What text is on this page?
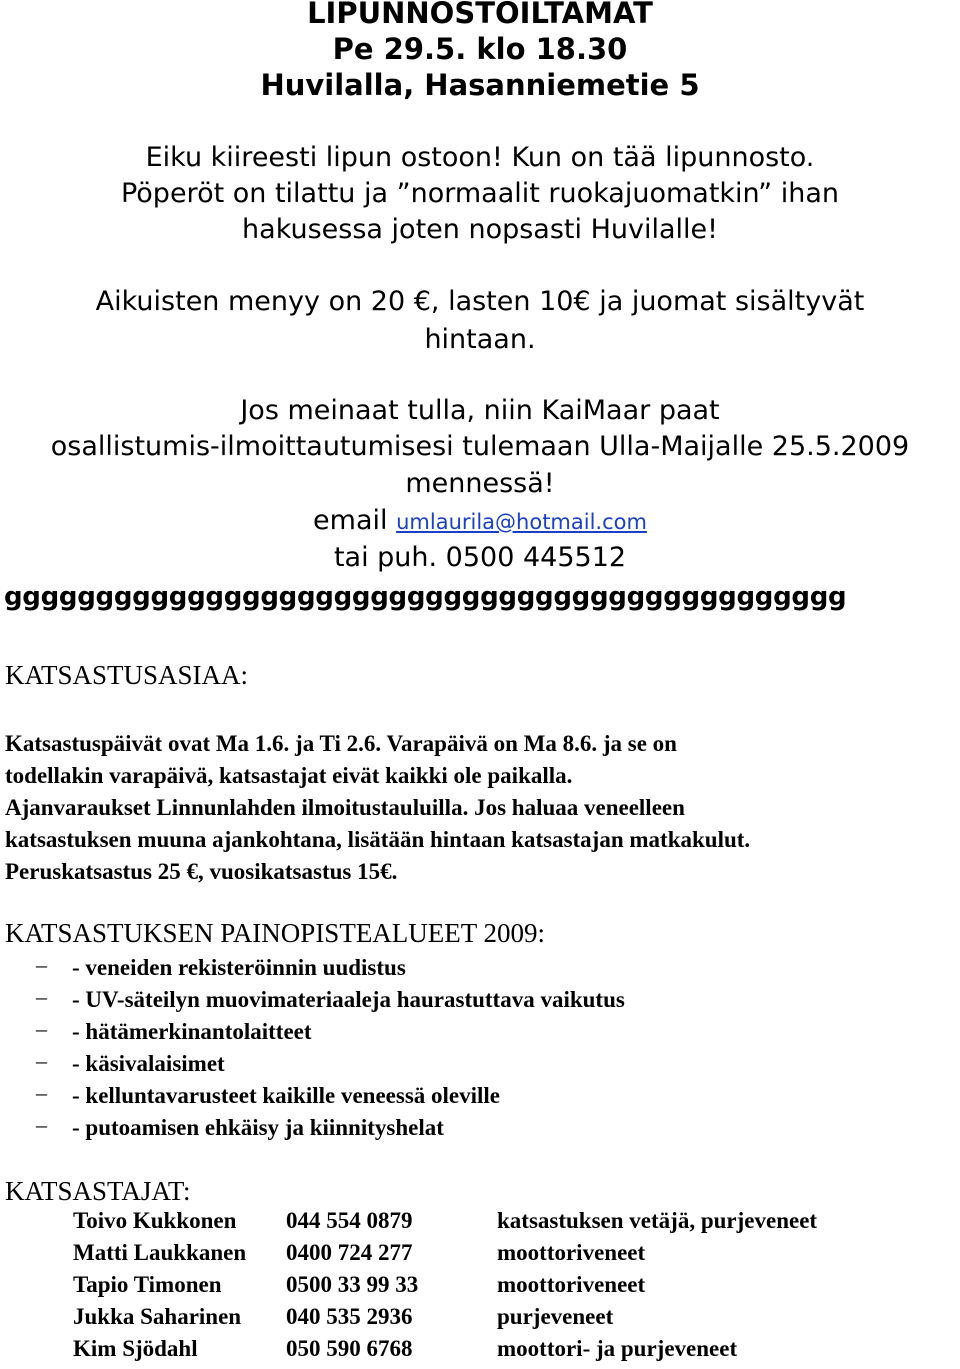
LIPUNNOSTOILTAMAT
Pe 29.5. klo 18.30
Huvilalla, Hasanniemetie 5
Eiku kiireesti lipun ostoon! Kun on tää lipunnosto.
Pöperöt on tilattu ja ”normaalit ruokajuomatkin” ihan
hakusessa joten nopsasti Huvilalle!
Aikuisten menyy on 20 €, lasten 10€ ja juomat sisältyvät
hintaan.
Jos meinaat tulla, niin KaiMaar paat
osallistumis-ilmoittautumisesi tulemaan Ulla-Maijalle 25.5.2009
mennessä!
email umlaurila@hotmail.com
tai puh. 0500 445512
gggggggggggggggggggggggggggggggggggggggggggggg
KATSASTUSASIAA:
Katsastuspäivät ovat Ma 1.6. ja Ti 2.6. Varapäivä on Ma 8.6. ja se on
todellakin varapäivä, katsastajat eivät kaikki ole paikalla.
Ajanvaraukset Linnunlahden ilmoitustauluilla. Jos haluaa veneelleen
katsastuksen muuna ajankohtana, lisätään hintaan katsastajan matkakulut.
Peruskatsastus 25 €, vuosikatsastus 15€.
KATSASTUKSEN PAINOPISTEALUEET 2009:
– - veneiden rekisteröinnin uudistus
– - UV-säteilyn muovimateriaaleja haurastuttava vaikutus
– - hätämerkinantolaitteet
– - käsivalaisimet
– - kelluntavarusteet kaikille veneessä oleville
– - putoamisen ehkäisy ja kiinnityshelat
KATSASTAJAT:
Toivo Kukkonen 044 554 0879	katsastuksen vetäjä, purjeveneet
Matti Laukkanen 0400 724 277	moottoriveneet
Tapio Timonen	0500 33 99 33	moottoriveneet
Jukka Saharinen 040 535 2936	purjeveneet
Kim Sjödahl	050 590 6768	moottori- ja purjeveneet
